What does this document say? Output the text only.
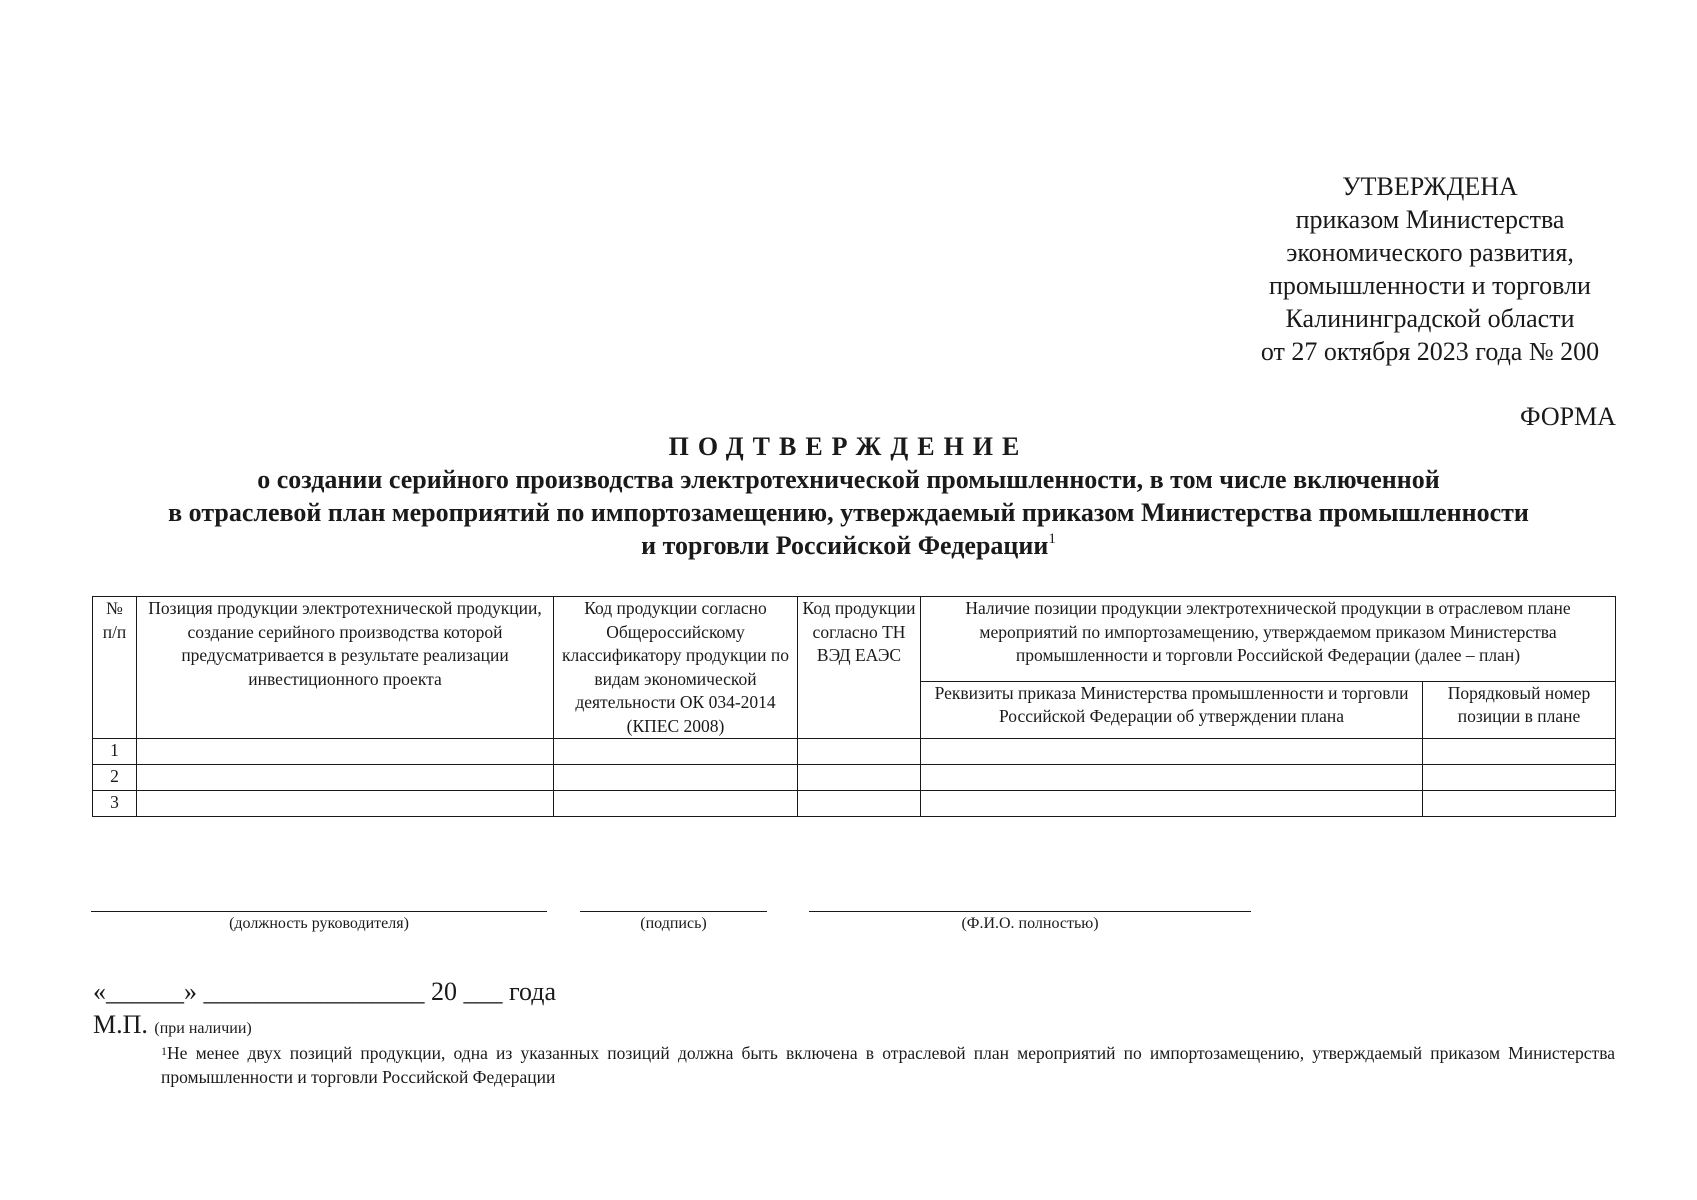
УТВЕРЖДЕНА
приказом Министерства
экономического развития,
промышленности и торговли
Калининградской области
от 27 октября 2023 года № 200
ФОРМА
ПОДТВЕРЖДЕНИЕ
о создании серийного производства электротехнической промышленности, в том числе включенной
в отраслевой план мероприятий по импортозамещению, утверждаемый приказом Министерства промышленности
и торговли Российской Федерации$^1$
№ п/п	Позиция продукции электротехнической продукции, создание серийного производства которой предусматривается в результате реализации инвестиционного проекта	Код продукции согласно Общероссийскому классификатору продукции по видам экономической деятельности ОК 034-2014 (КПЕС 2008)	Код продукции согласно ТН ВЭД ЕАЭС	Наличие позиции продукции электротехнической продукции в отраслевом плане мероприятий по импортозамещению, утверждаемом приказом Министерства промышленности и торговли Российской Федерации (далее – план)	
				Реквизиты приказа Министерства промышленности и торговли Российской Федерации об утверждении плана	Порядковый номер позиции в плане
1					
2					
3					
(должность руководителя)	(подпись)	(Ф.И.О. полностью)
«______» _________________ 20 ___ года
М.П. (при наличии)
$^1$Не менее двух позиций продукции, одна из указанных позиций должна быть включена в отраслевой план мероприятий по импортозамещению, утверждаемый приказом Министерства промышленности и торговли Российской Федерации
